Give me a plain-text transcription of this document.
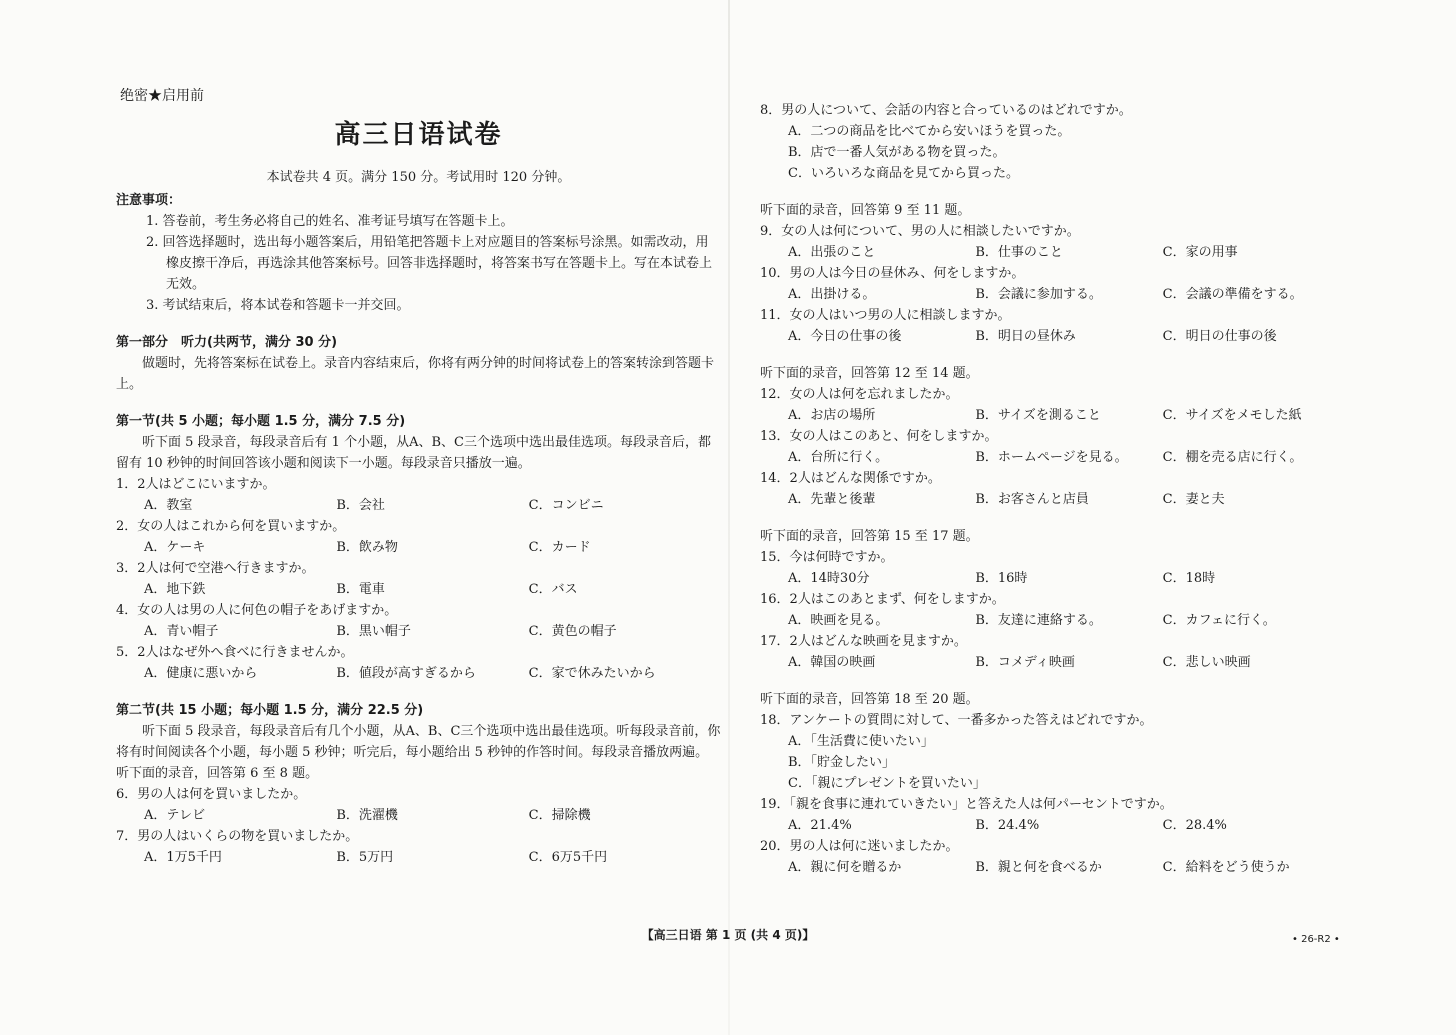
绝密★启用前
高三日语试卷
本试卷共 4 页。满分 150 分。考试用时 120 分钟。
注意事项：
1. 答卷前，考生务必将自己的姓名、准考证号填写在答题卡上。
2. 回答选择题时，选出每小题答案后，用铅笔把答题卡上对应题目的答案标号涂黑。如需改动，用橡皮擦干净后，再选涂其他答案标号。回答非选择题时，将答案书写在答题卡上。写在本试卷上无效。
3. 考试结束后，将本试卷和答题卡一并交回。
第一部分　听力(共两节，满分 30 分)
做题时，先将答案标在试卷上。录音内容结束后，你将有两分钟的时间将试卷上的答案转涂到答题卡上。
第一节(共 5 小题；每小题 1.5 分，满分 7.5 分)
听下面 5 段录音，每段录音后有 1 个小题，从A、B、C三个选项中选出最佳选项。每段录音后，都留有 10 秒钟的时间回答该小题和阅读下一小题。每段录音只播放一遍。
1．2人はどこにいますか。
A．教室	B．会社	C．コンビニ
2．女の人はこれから何を買いますか。
A．ケーキ	B．飲み物	C．カード
3．2人は何で空港へ行きますか。
A．地下鉄	B．電車	C．バス
4．女の人は男の人に何色の帽子をあげますか。
A．青い帽子	B．黒い帽子	C．黄色の帽子
5．2人はなぜ外へ食べに行きませんか。
A．健康に悪いから	B．値段が高すぎるから	C．家で休みたいから
第二节(共 15 小题；每小题 1.5 分，满分 22.5 分)
听下面 5 段录音，每段录音后有几个小题，从A、B、C三个选项中选出最佳选项。听每段录音前，你将有时间阅读各个小题，每小题 5 秒钟；听完后，每小题给出 5 秒钟的作答时间。每段录音播放两遍。
听下面的录音，回答第 6 至 8 题。
6．男の人は何を買いましたか。
A．テレビ	B．洗濯機	C．掃除機
7．男の人はいくらの物を買いましたか。
A．1万5千円	B．5万円	C．6万5千円
8．男の人について、会話の内容と合っているのはどれですか。
A．二つの商品を比べてから安いほうを買った。
B．店で一番人気がある物を買った。
C．いろいろな商品を見てから買った。
听下面的录音，回答第 9 至 11 题。
9．女の人は何について、男の人に相談したいですか。
A．出張のこと	B．仕事のこと	C．家の用事
10．男の人は今日の昼休み、何をしますか。
A．出掛ける。	B．会議に参加する。	C．会議の準備をする。
11．女の人はいつ男の人に相談しますか。
A．今日の仕事の後	B．明日の昼休み	C．明日の仕事の後
听下面的录音，回答第 12 至 14 题。
12．女の人は何を忘れましたか。
A．お店の場所	B．サイズを測ること	C．サイズをメモした紙
13．女の人はこのあと、何をしますか。
A．台所に行く。	B．ホームページを見る。	C．棚を売る店に行く。
14．2人はどんな関係ですか。
A．先輩と後輩	B．お客さんと店員	C．妻と夫
听下面的录音，回答第 15 至 17 题。
15．今は何時ですか。
A．14時30分	B．16時	C．18時
16．2人はこのあとまず、何をしますか。
A．映画を見る。	B．友達に連絡する。	C．カフェに行く。
17．2人はどんな映画を見ますか。
A．韓国の映画	B．コメディ映画	C．悲しい映画
听下面的录音，回答第 18 至 20 题。
18．アンケートの質問に対して、一番多かった答えはどれですか。
A．「生活費に使いたい」
B．「貯金したい」
C．「親にプレゼントを買いたい」
19．「親を食事に連れていきたい」と答えた人は何パーセントですか。
A．21.4%	B．24.4%	C．28.4%
20．男の人は何に迷いましたか。
A．親に何を贈るか	B．親と何を食べるか	C．給料をどう使うか
【高三日语 第 1 页 (共 4 页)】	• 26-R2 •
